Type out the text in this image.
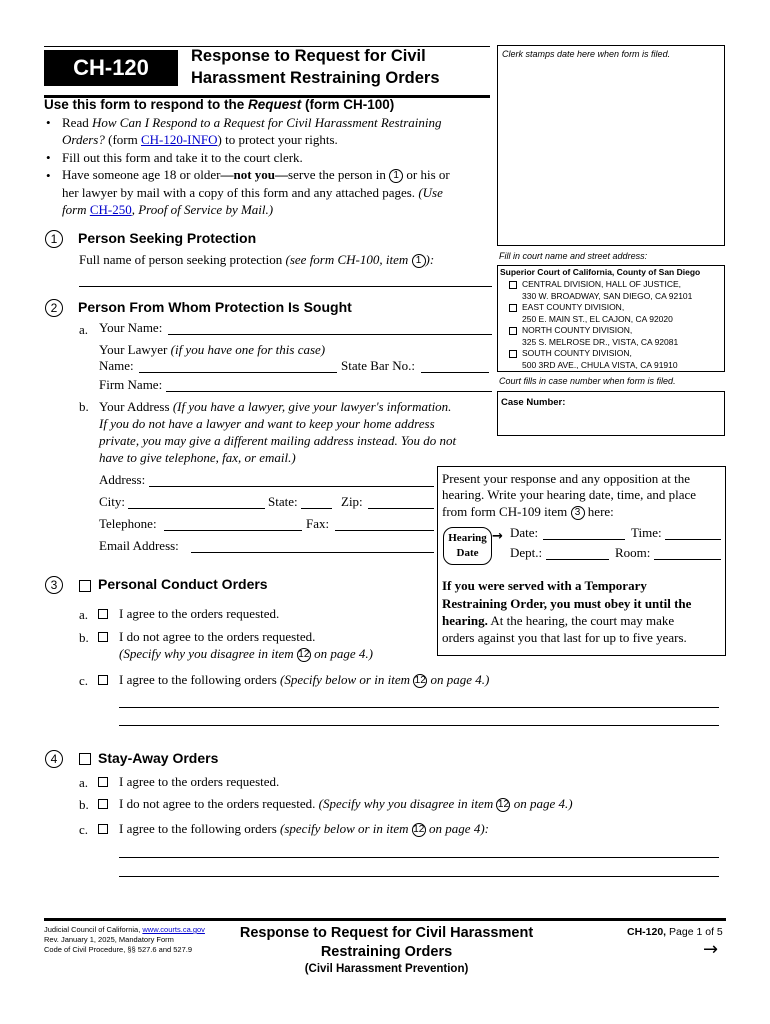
CH-120	Response to Request for Civil
Harassment Restraining Orders
Clerk stamps date here when form is filed.
Use this form to respond to the Request (form CH-100)
• Read How Can I Respond to a Request for Civil Harassment Restraining
Orders? (form CH-120-INFO) to protect your rights.
• Fill out this form and take it to the court clerk.
• Have someone age 18 or older—not you—serve the person in 1 or his or
her lawyer by mail with a copy of this form and any attached pages. (Use
form CH-250, Proof of Service by Mail.)
Fill in court name and street address:
Superior Court of California, County of San Diego
CENTRAL DIVISION, HALL OF JUSTICE,
330 W. BROADWAY, SAN DIEGO, CA 92101
EAST COUNTY DIVISION,
250 E. MAIN ST., EL CAJON, CA 92020
NORTH COUNTY DIVISION,
325 S. MELROSE DR., VISTA, CA 92081
SOUTH COUNTY DIVISION,
500 3RD AVE., CHULA VISTA, CA 91910
Court fills in case number when form is filed.
Case Number:
1	Person Seeking Protection
Full name of person seeking protection (see form CH-100, item 1 ):
2	Person From Whom Protection Is Sought
a. Your Name:
Your Lawyer (if you have one for this case)
Name:	State Bar No.:
Firm Name:
b. Your Address (If you have a lawyer, give your lawyer's information.
If you do not have a lawyer and want to keep your home address
private, you may give a different mailing address instead. You do not
have to give telephone, fax, or email.)
Address:
City:	State:	Zip:
Telephone:	Fax:
Email Address:
Present your response and any opposition at the
hearing. Write your hearing date, time, and place
from form CH-109 item 3 here:
Hearing
Date
→ Date:	Time:
Dept.:	Room:
If you were served with a Temporary
Restraining Order, you must obey it until the
hearing. At the hearing, the court may make
orders against you that last for up to five years.
3	Personal Conduct Orders
a. I agree to the orders requested.
b. I do not agree to the orders requested.
(Specify why you disagree in item 12 on page 4.)
c. I agree to the following orders (Specify below or in item 12 on page 4.)
4	Stay-Away Orders
a. I agree to the orders requested.
b. I do not agree to the orders requested. (Specify why you disagree in item 12 on page 4.)
c. I agree to the following orders (specify below or in item 12 on page 4):
Judicial Council of California, www.courts.ca.gov
Rev. January 1, 2025, Mandatory Form
Code of Civil Procedure, §§ 527.6 and 527.9
Response to Request for Civil Harassment
Restraining Orders
(Civil Harassment Prevention)
CH-120, Page 1 of 5
→
